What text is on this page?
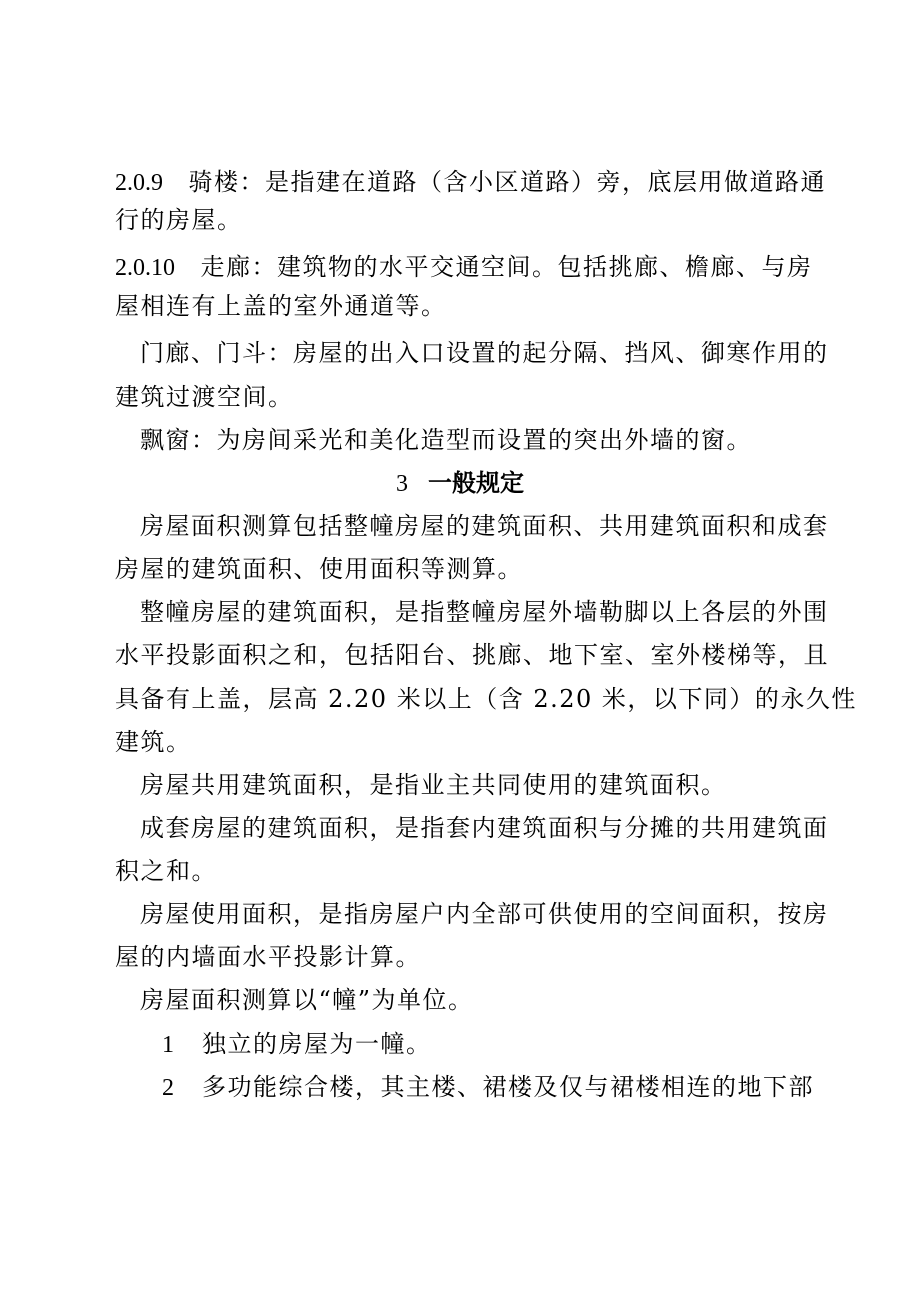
2.0.9　骑楼：是指建在道路（含小区道路）旁，底层用做道路通
行的房屋。
2.0.10　走廊：建筑物的水平交通空间。包括挑廊、檐廊、与房
屋相连有上盖的室外通道等。
门廊、门斗：房屋的出入口设置的起分隔、挡风、御寒作用的
建筑过渡空间。
飘窗：为房间采光和美化造型而设置的突出外墙的窗。
3 一般规定
房屋面积测算包括整幢房屋的建筑面积、共用建筑面积和成套
房屋的建筑面积、使用面积等测算。
整幢房屋的建筑面积，是指整幢房屋外墙勒脚以上各层的外围
水平投影面积之和，包括阳台、挑廊、地下室、室外楼梯等，且
具备有上盖，层高 2.20 米以上（含 2.20 米，以下同）的永久性
建筑。
房屋共用建筑面积，是指业主共同使用的建筑面积。
成套房屋的建筑面积，是指套内建筑面积与分摊的共用建筑面
积之和。
房屋使用面积，是指房屋户内全部可供使用的空间面积，按房
屋的内墙面水平投影计算。
房屋面积测算以“幢”为单位。
1 独立的房屋为一幢。
2 多功能综合楼，其主楼、裙楼及仅与裙楼相连的地下部
